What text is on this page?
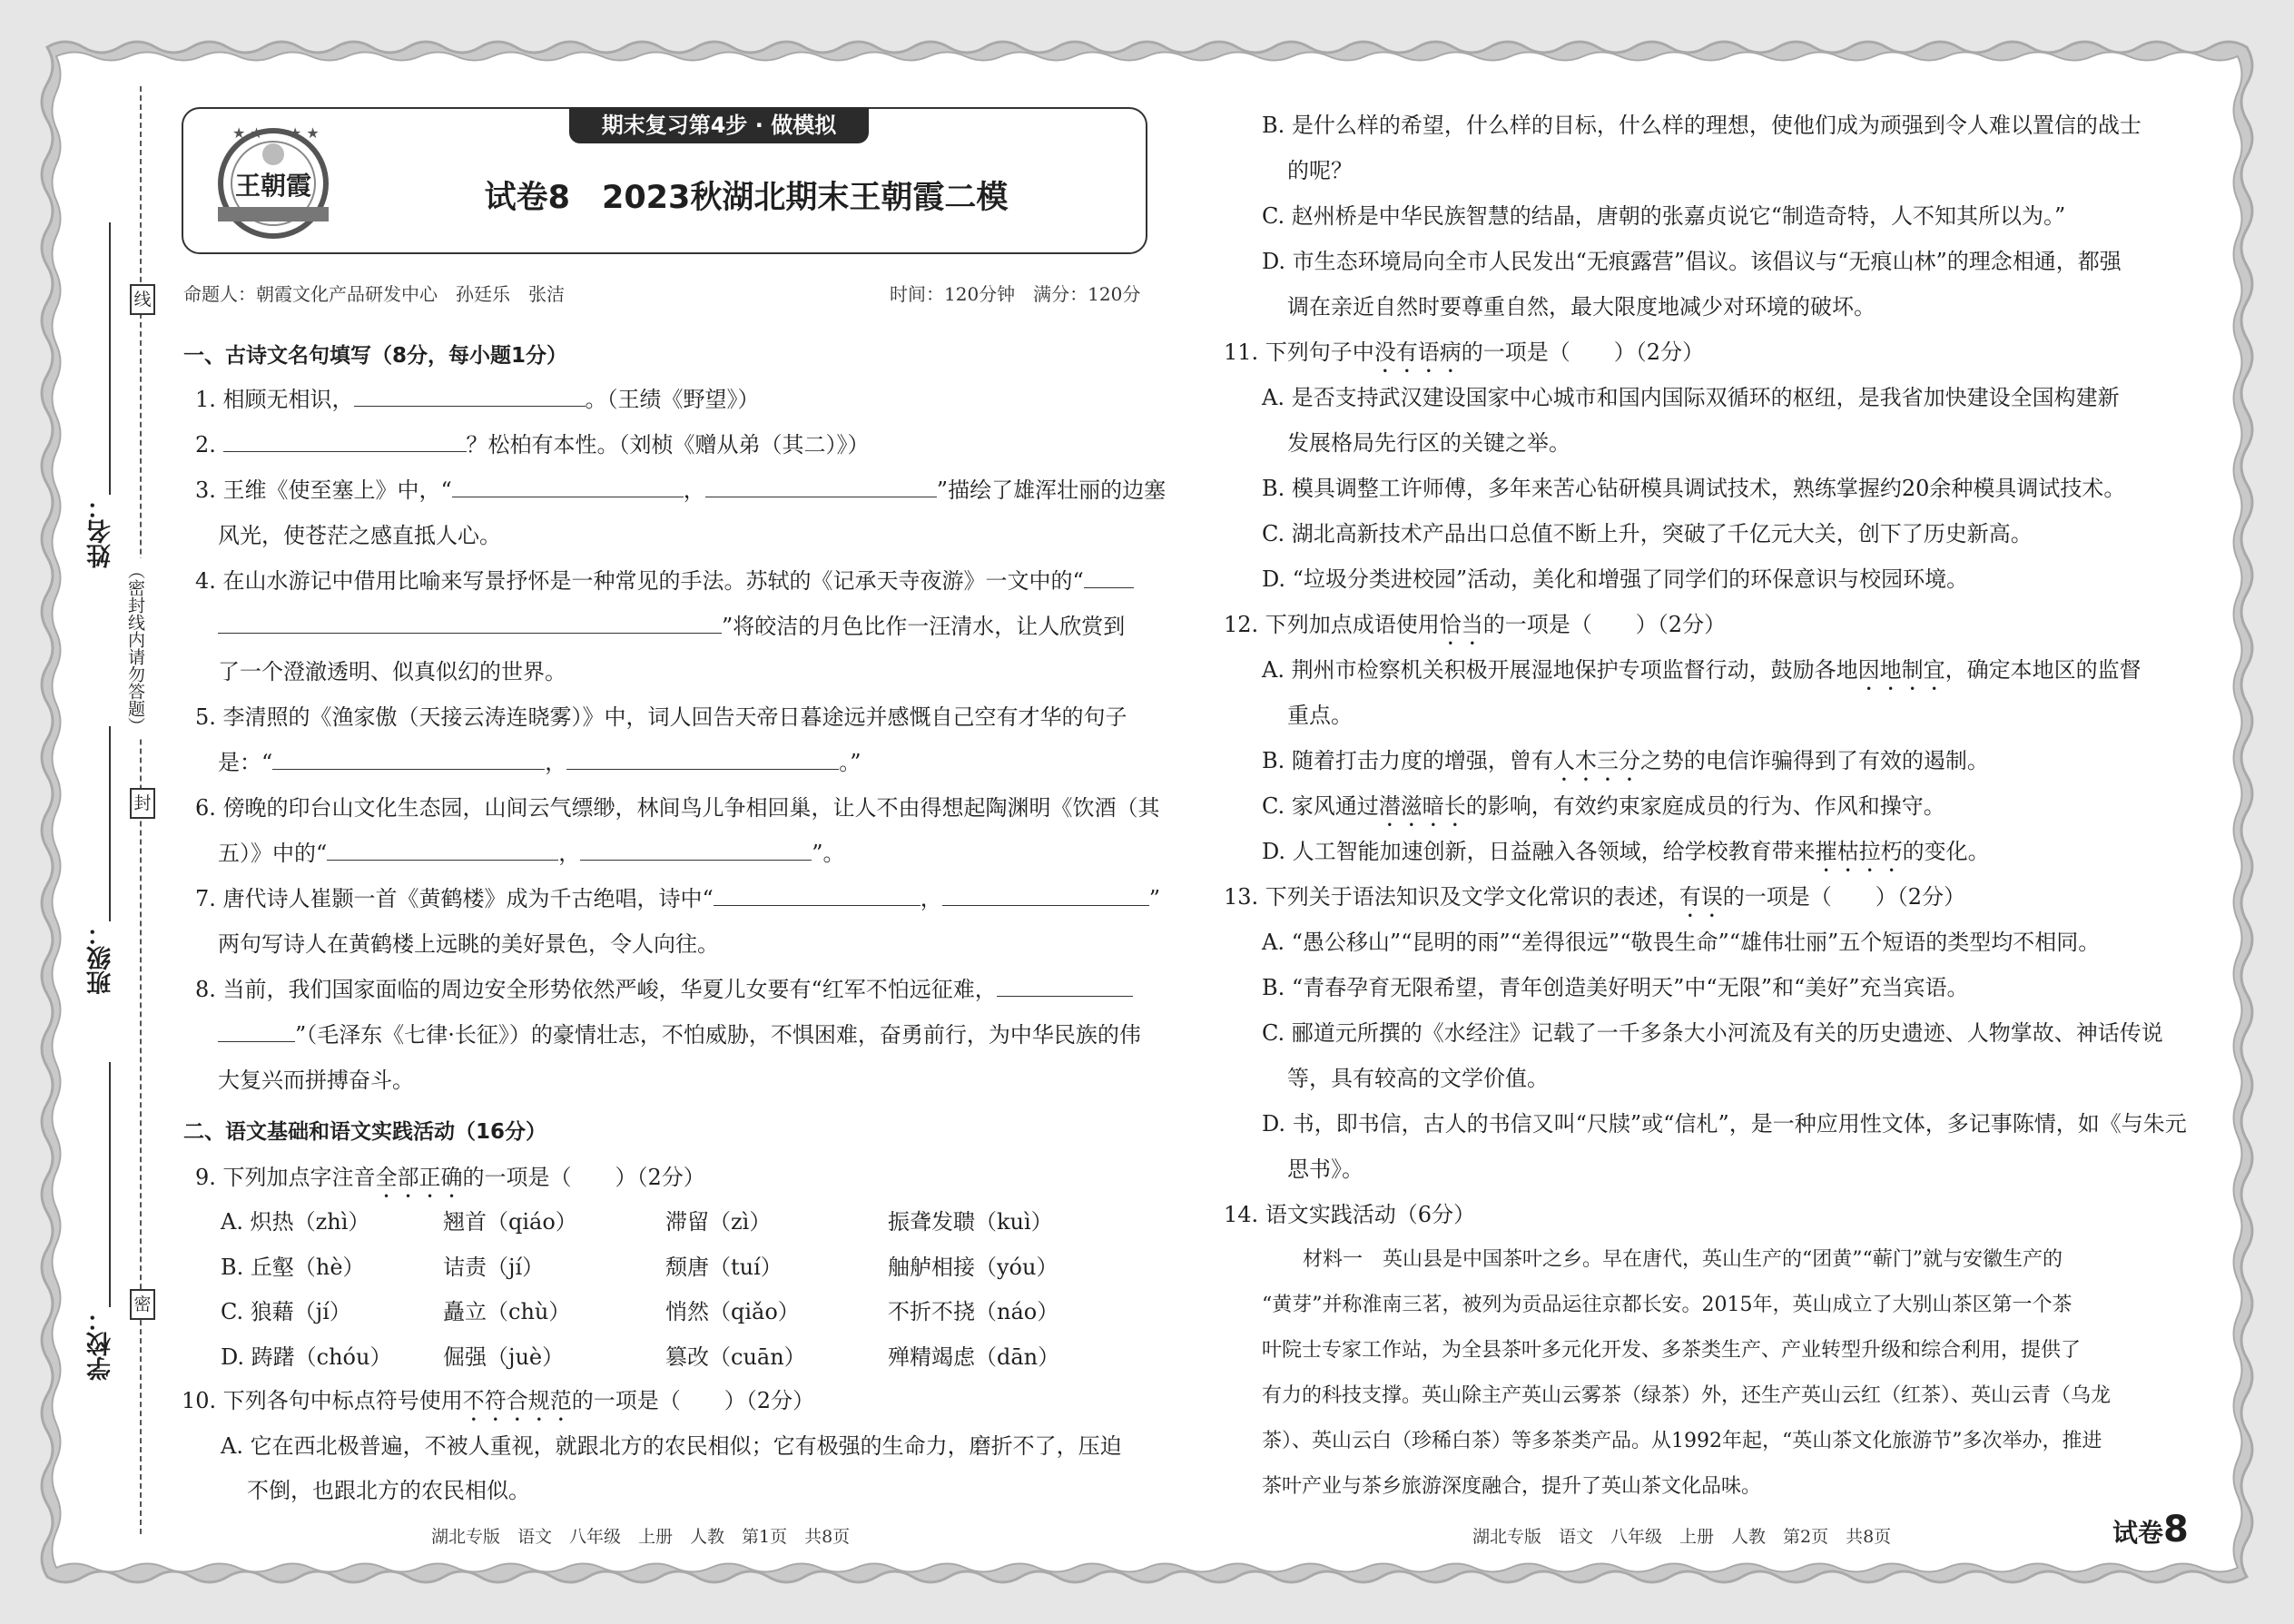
线
封
密
（密封线内请勿答题）
姓名：
班级：
学校：
期末复习第4步 · 做模拟
★ ★ ★ ★
王朝霞	试卷8　2023秋湖北期末王朝霞二模
命题人：朝霞文化产品研发中心　孙廷乐　张洁	时间：120分钟　满分：120分
一、古诗文名句填写（8分，每小题1分）
1. 相顾无相识，	。（王绩《野望》）
2.	？松柏有本性。（刘桢《赠从弟（其二）》）
3. 王维《使至塞上》中，“	，	”描绘了雄浑壮丽的边塞
风光，使苍茫之感直抵人心。
4. 在山水游记中借用比喻来写景抒怀是一种常见的手法。苏轼的《记承天寺夜游》一文中的“
”将皎洁的月色比作一汪清水，让人欣赏到
了一个澄澈透明、似真似幻的世界。
5. 李清照的《渔家傲（天接云涛连晓雾）》中，词人回告天帝日暮途远并感慨自己空有才华的句子
是：“	，	。”
6. 傍晚的印台山文化生态园，山间云气缥缈，林间鸟儿争相回巢，让人不由得想起陶渊明《饮酒（其
五）》中的“	，	”。
7. 唐代诗人崔颢一首《黄鹤楼》成为千古绝唱，诗中“	，	”
两句写诗人在黄鹤楼上远眺的美好景色，令人向往。
8. 当前，我们国家面临的周边安全形势依然严峻，华夏儿女要有“红军不怕远征难，
”（毛泽东《七律·长征》）的豪情壮志，不怕威胁，不惧困难，奋勇前行，为中华民族的伟
大复兴而拼搏奋斗。
二、语文基础和语文实践活动（16分）
9. 下列加点字注音全部正确的一项是（　　）（2分）
A. 炽热（zhì）	翘首（qiáo）	滞留（zì）	振聋发聩（kuì）
B. 丘壑（hè）	诘责（jí）	颓唐（tuí）	舳舻相接（yóu）
C. 狼藉（jí）	矗立（chù）	悄然（qiǎo）	不折不挠（náo）
D. 踌躇（chóu） 倔强（juè）	篡改（cuān）	殚精竭虑（dān）
10. 下列各句中标点符号使用不符合规范的一项是（　　）（2分）
A. 它在西北极普遍，不被人重视，就跟北方的农民相似；它有极强的生命力，磨折不了，压迫
不倒，也跟北方的农民相似。
湖北专版　语文　八年级　上册　人教　第1页　共8页
B. 是什么样的希望，什么样的目标，什么样的理想，使他们成为顽强到令人难以置信的战士
的呢？
C. 赵州桥是中华民族智慧的结晶，唐朝的张嘉贞说它“制造奇特，人不知其所以为。”
D. 市生态环境局向全市人民发出“无痕露营”倡议。该倡议与“无痕山林”的理念相通，都强
调在亲近自然时要尊重自然，最大限度地减少对环境的破坏。
11. 下列句子中没有语病的一项是（　　）（2分）
A. 是否支持武汉建设国家中心城市和国内国际双循环的枢纽，是我省加快建设全国构建新
发展格局先行区的关键之举。
B. 模具调整工许师傅，多年来苦心钻研模具调试技术，熟练掌握约20余种模具调试技术。
C. 湖北高新技术产品出口总值不断上升，突破了千亿元大关，创下了历史新高。
D. “垃圾分类进校园”活动，美化和增强了同学们的环保意识与校园环境。
12. 下列加点成语使用恰当的一项是（　　）（2分）
A. 荆州市检察机关积极开展湿地保护专项监督行动，鼓励各地因地制宜，确定本地区的监督
重点。
B. 随着打击力度的增强，曾有人木三分之势的电信诈骗得到了有效的遏制。
C. 家风通过潜滋暗长的影响，有效约束家庭成员的行为、作风和操守。
D. 人工智能加速创新，日益融入各领域，给学校教育带来摧枯拉朽的变化。
13. 下列关于语法知识及文学文化常识的表述，有误的一项是（　　）（2分）
A. “愚公移山”“昆明的雨”“差得很远”“敬畏生命”“雄伟壮丽”五个短语的类型均不相同。
B. “青春孕育无限希望，青年创造美好明天”中“无限”和“美好”充当宾语。
C. 郦道元所撰的《水经注》记载了一千多条大小河流及有关的历史遗迹、人物掌故、神话传说
等，具有较高的文学价值。
D. 书，即书信，古人的书信又叫“尺牍”或“信札”，是一种应用性文体，多记事陈情，如《与朱元
思书》。
14. 语文实践活动（6分）
材料一　英山县是中国茶叶之乡。早在唐代，英山生产的“团黄”“蕲门”就与安徽生产的
“黄芽”并称淮南三茗，被列为贡品运往京都长安。2015年，英山成立了大别山茶区第一个茶
叶院士专家工作站，为全县茶叶多元化开发、多茶类生产、产业转型升级和综合利用，提供了
有力的科技支撑。英山除主产英山云雾茶（绿茶）外，还生产英山云红（红茶）、英山云青（乌龙
茶）、英山云白（珍稀白茶）等多茶类产品。从1992年起，“英山茶文化旅游节”多次举办，推进
茶叶产业与茶乡旅游深度融合，提升了英山茶文化品味。
湖北专版　语文　八年级　上册　人教　第2页　共8页	试卷8
